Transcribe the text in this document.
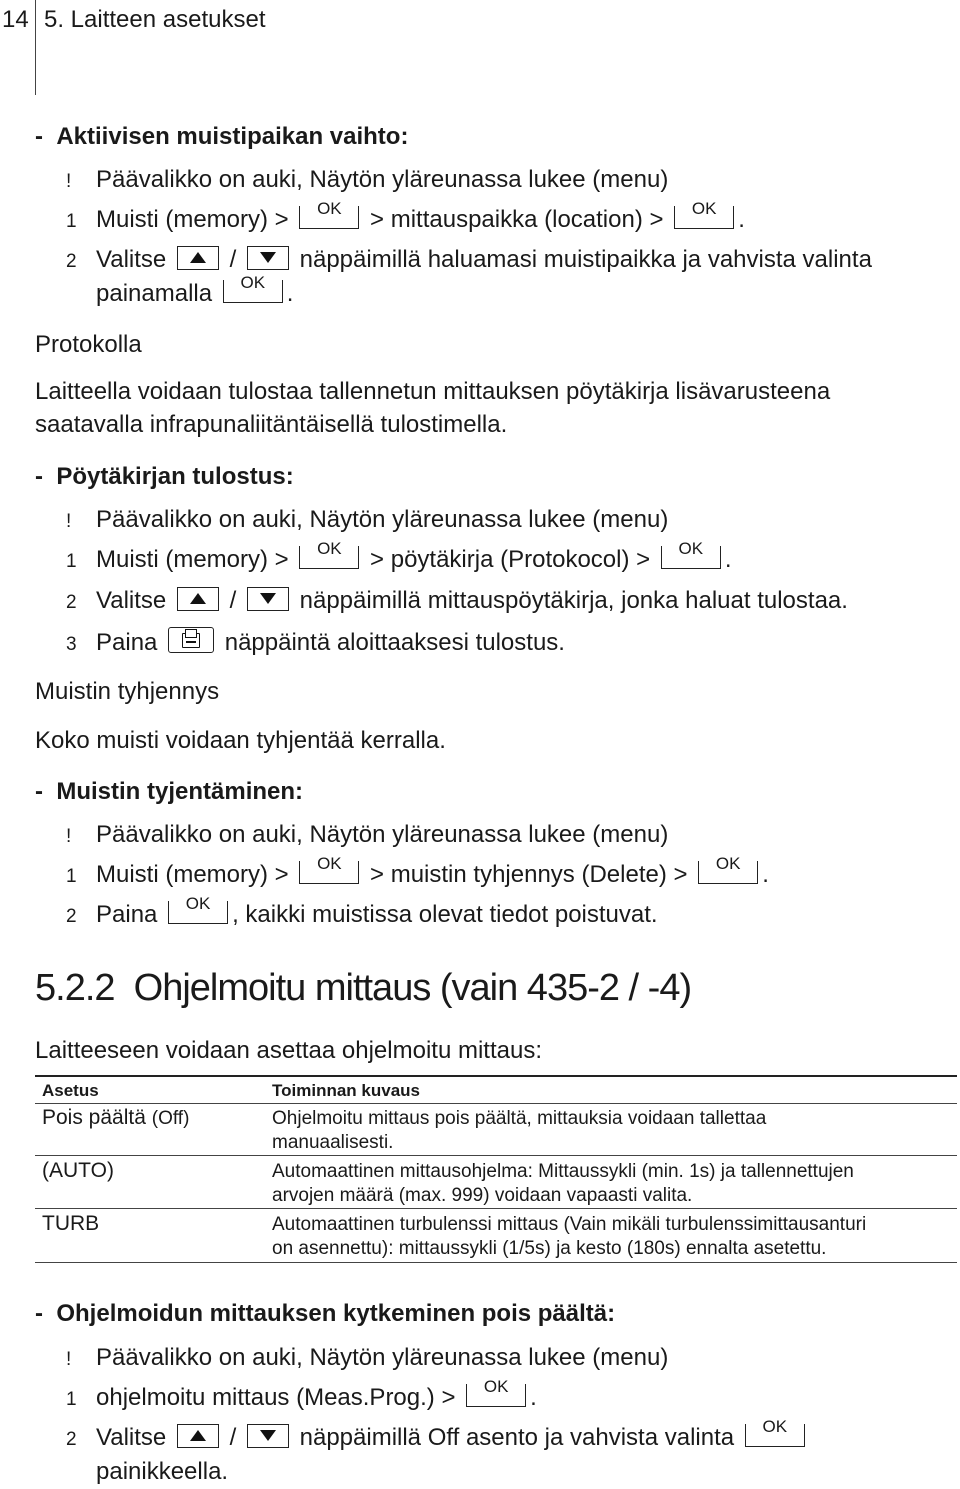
14 5. Laitteen asetukset
- Aktiivisen muistipaikan vaihto:
! Päävalikko on auki, Näytön yläreunassa lukee (menu)
1 Muisti (memory) >	OK	> mittauspaikka (location) >	OK .
2 Valitse	/	näppäimillä haluamasi muistipaikka ja vahvista valinta
painamalla	OK .
Protokolla
Laitteella voidaan tulostaa tallennetun mittauksen pöytäkirja lisävarusteena
saatavalla infrapunaliitäntäisellä tulostimella.
- Pöytäkirjan tulostus:
! Päävalikko on auki, Näytön yläreunassa lukee (menu)
1 Muisti (memory) >	OK	> pöytäkirja (Protokocol) >	OK .
2 Valitse	/	näppäimillä mittauspöytäkirja, jonka haluat tulostaa.
3 Paina	näppäintä aloittaaksesi tulostus.
Muistin tyhjennys
Koko muisti voidaan tyhjentää kerralla.
- Muistin tyjentäminen:
! Päävalikko on auki, Näytön yläreunassa lukee (menu)
1 Muisti (memory) >	OK	> muistin tyhjennys (Delete) >	OK .
2 Paina	OK , kaikki muistissa olevat tiedot poistuvat.
5.2.2 Ohjelmoitu mittaus (vain 435-2 / -4)
Laitteeseen voidaan asettaa ohjelmoitu mittaus:
Asetus	Toiminnan kuvaus
Pois päältä (Off)	Ohjelmoitu mittaus pois päältä, mittauksia voidaan tallettaa
manuaalisesti.
(AUTO)	Automaattinen mittausohjelma: Mittaussykli (min. 1s) ja tallennettujen
arvojen määrä (max. 999) voidaan vapaasti valita.
TURB	Automaattinen turbulenssi mittaus (Vain mikäli turbulenssimittausanturi
on asennettu): mittaussykli (1/5s) ja kesto (180s) ennalta asetettu.
- Ohjelmoidun mittauksen kytkeminen pois päältä:
! Päävalikko on auki, Näytön yläreunassa lukee (menu)
1 ohjelmoitu mittaus (Meas.Prog.) >	OK .
2 Valitse	/	näppäimillä Off asento ja vahvista valinta	OK
painikkeella.
